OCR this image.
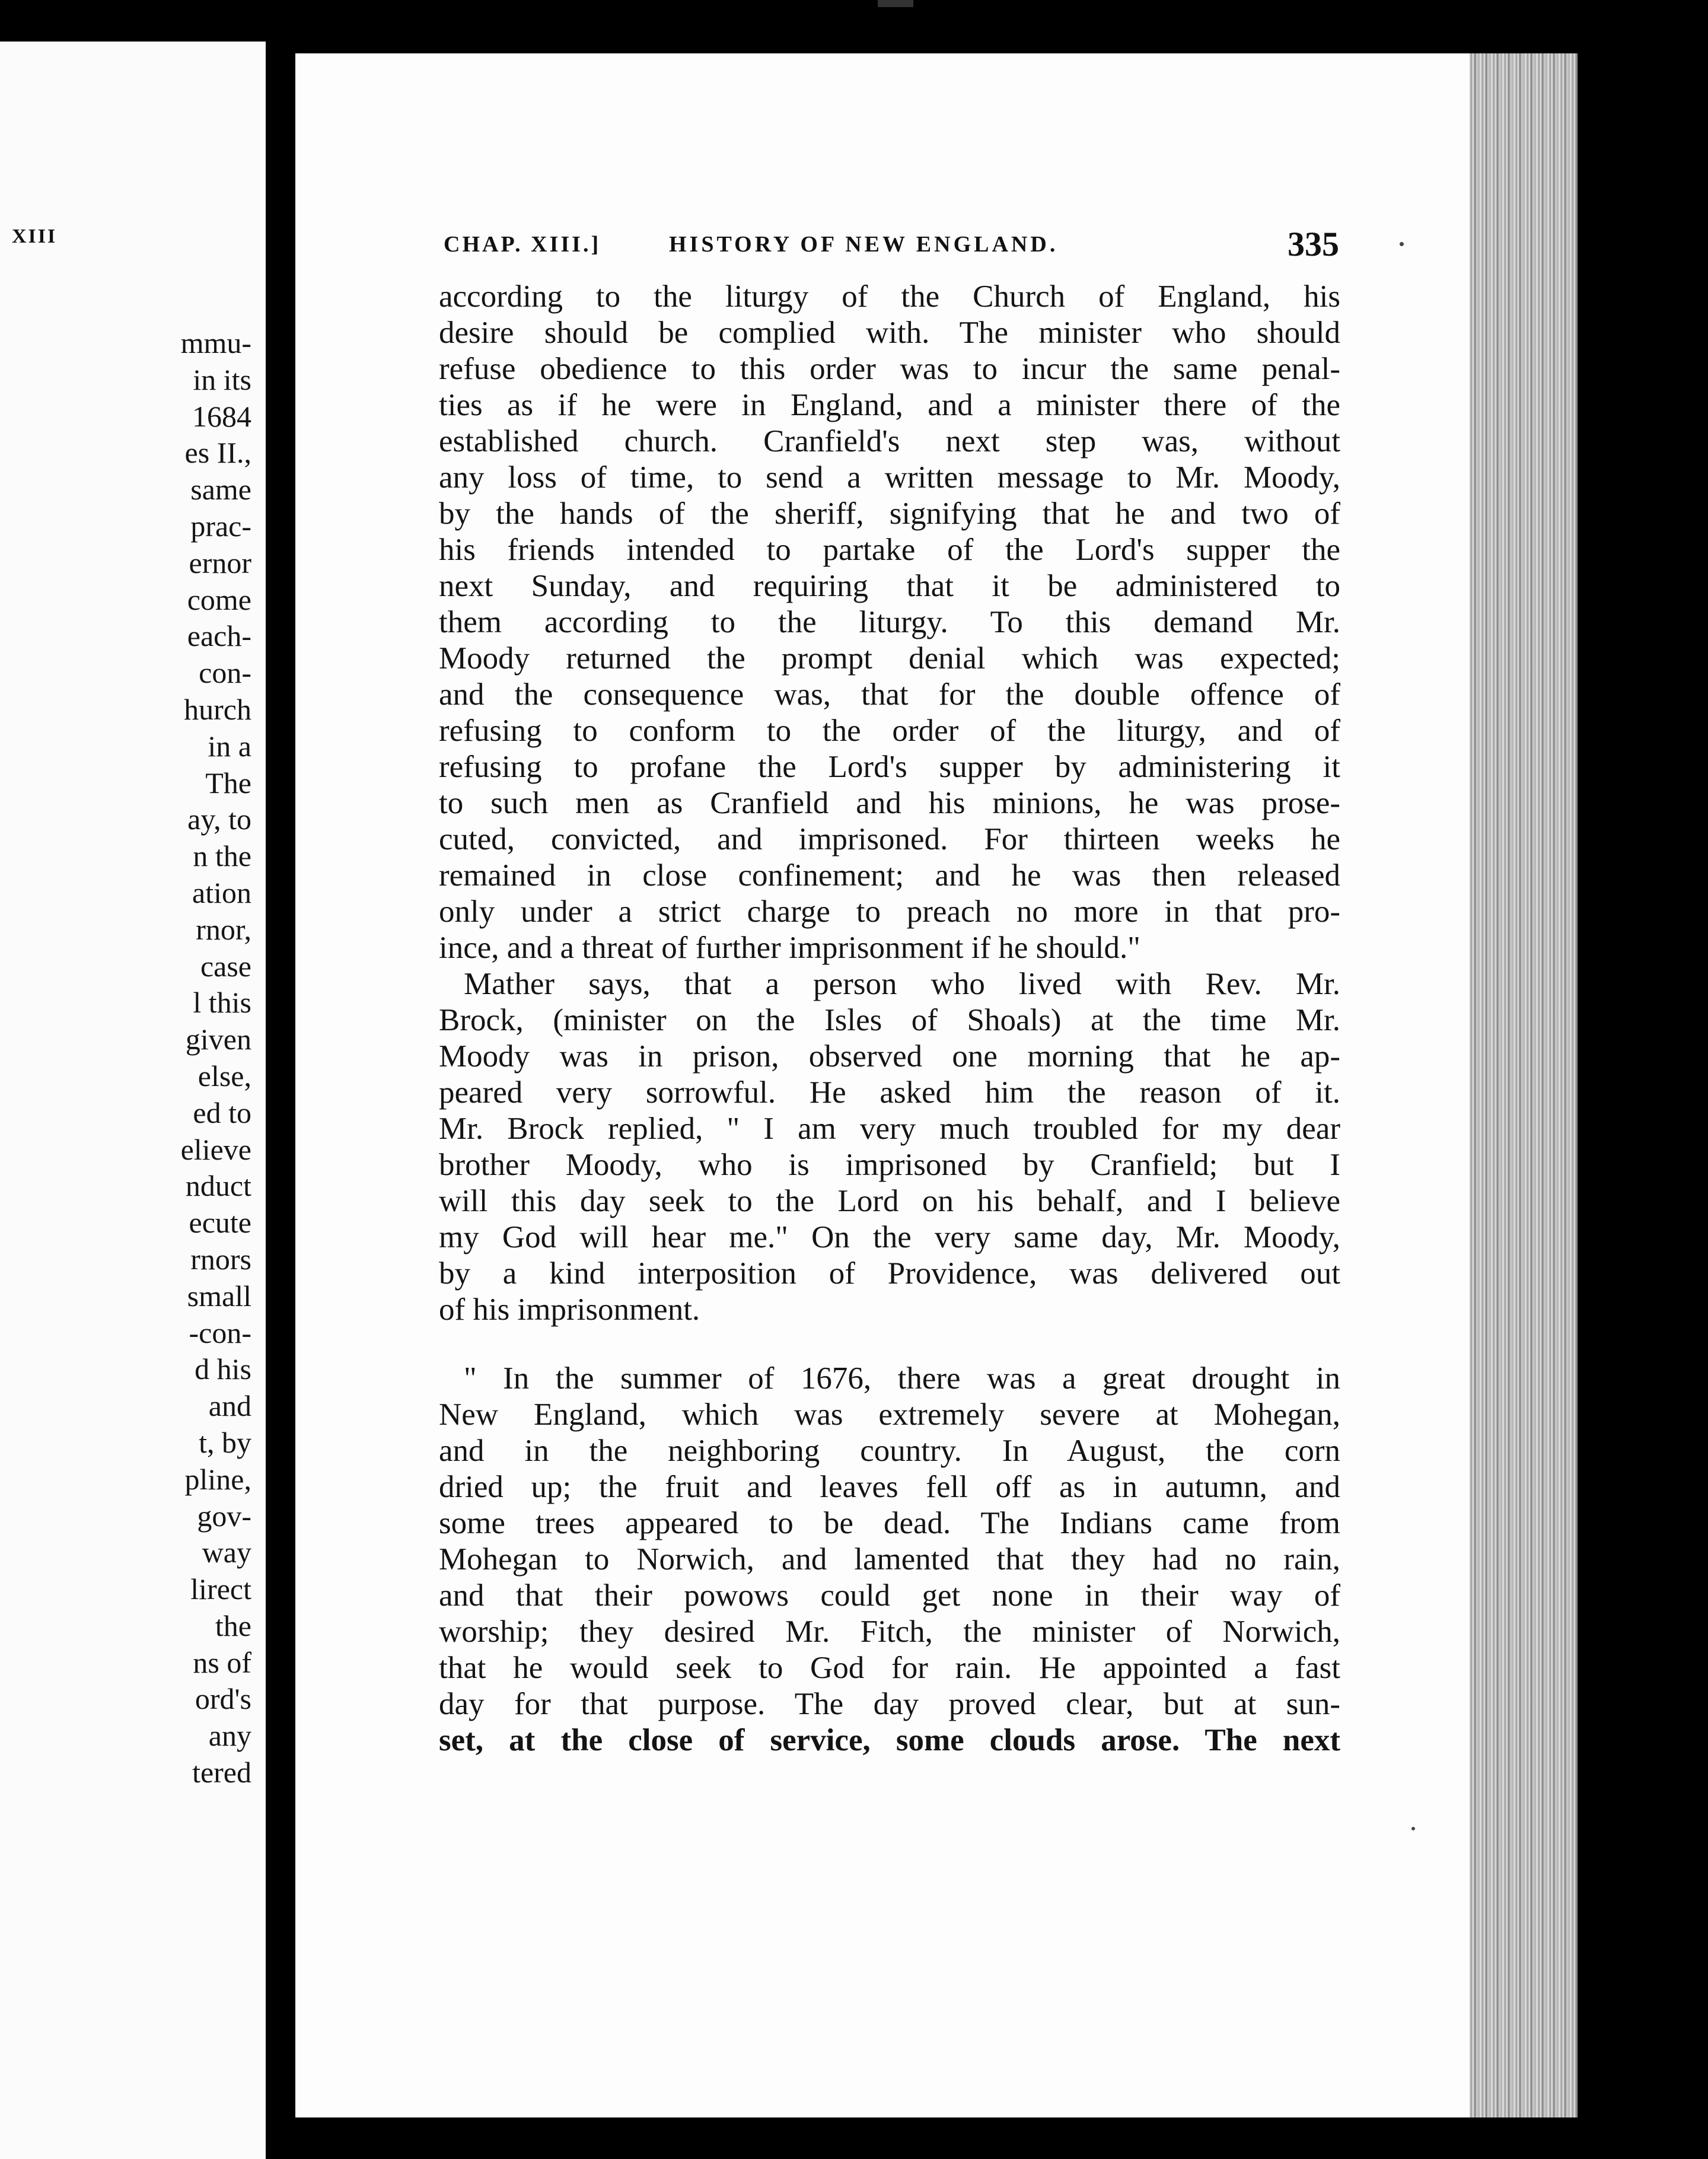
XIII
mmu-
in its
1684
es II.,
same
prac-
ernor
come
each-
con-
hurch
in a
The
ay, to
n the
ation
rnor,
case
l this
given
else,
ed to
elieve
nduct
ecute
rnors
small
-con-
d his
and
t, by
pline,
gov-
way
lirect
the
ns of
ord's
any
tered
CHAP. XIII.]	HISTORY OF NEW ENGLAND.	335
according to the liturgy of the Church of England, his
desire should be complied with. The minister who should
refuse obedience to this order was to incur the same penal-
ties as if he were in England, and a minister there of the
established church. Cranfield's next step was, without
any loss of time, to send a written message to Mr. Moody,
by the hands of the sheriff, signifying that he and two of
his friends intended to partake of the Lord's supper the
next Sunday, and requiring that it be administered to
them according to the liturgy. To this demand Mr.
Moody returned the prompt denial which was expected;
and the consequence was, that for the double offence of
refusing to conform to the order of the liturgy, and of
refusing to profane the Lord's supper by administering it
to such men as Cranfield and his minions, he was prose-
cuted, convicted, and imprisoned. For thirteen weeks he
remained in close confinement; and he was then released
only under a strict charge to preach no more in that pro-
ince, and a threat of further imprisonment if he should."
Mather says, that a person who lived with Rev. Mr.
Brock, (minister on the Isles of Shoals) at the time Mr.
Moody was in prison, observed one morning that he ap-
peared very sorrowful. He asked him the reason of it.
Mr. Brock replied, " I am very much troubled for my dear
brother Moody, who is imprisoned by Cranfield; but I
will this day seek to the Lord on his behalf, and I believe
my God will hear me." On the very same day, Mr. Moody,
by a kind interposition of Providence, was delivered out
of his imprisonment.
" In the summer of 1676, there was a great drought in
New England, which was extremely severe at Mohegan,
and in the neighboring country. In August, the corn
dried up; the fruit and leaves fell off as in autumn, and
some trees appeared to be dead. The Indians came from
Mohegan to Norwich, and lamented that they had no rain,
and that their powows could get none in their way of
worship; they desired Mr. Fitch, the minister of Norwich,
that he would seek to God for rain. He appointed a fast
day for that purpose. The day proved clear, but at sun-
set, at the close of service, some clouds arose. The next
